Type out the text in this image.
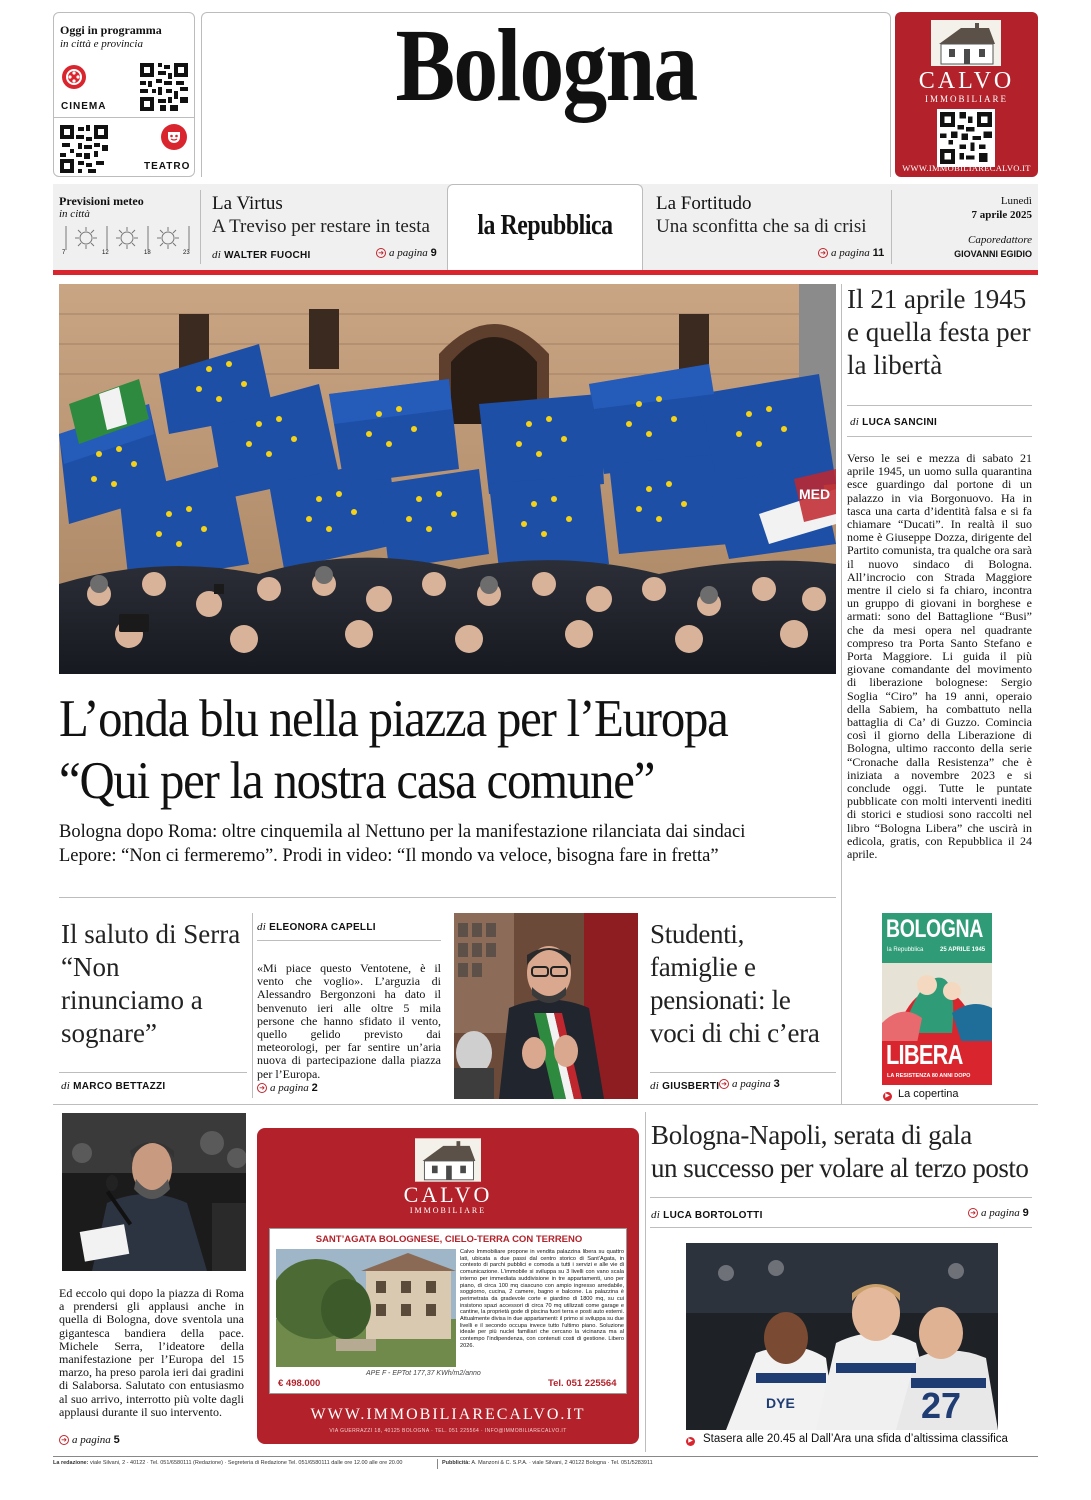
Oggi in programma
in città e provincia
CINEMA
TEATRO
Bologna	CALVO
IMMOBILIARE
WWW.IMMOBILIARECALVO.IT
Previsioni meteo
in città
7	12	18	23
La Virtus
A Treviso per restare in testa
di WALTER FUOCHI	➜ a pagina 9
la Repubblica
La Fortitudo
Una sconfitta che sa di crisi
➜ a pagina 11
Lunedì
7 aprile 2025
Caporedattore
GIOVANNI EGIDIO
MED
L’onda blu nella piazza per l’Europa
“Qui per la nostra casa comune”
Bologna dopo Roma: oltre cinquemila al Nettuno per la manifestazione rilanciata dai sindaci
Lepore: “Non ci fermeremo”. Prodi in video: “Il mondo va veloce, bisogna fare in fretta”
Il 21 aprile 1945 e quella festa per la libertà
di LUCA SANCINI
Verso le sei e mezza di sabato 21 aprile 1945, un uomo sulla quarantina esce guardingo dal portone di un palazzo in via Borgonuovo. Ha in tasca una carta d’identità falsa e si fa chiamare “Ducati”. In realtà il suo nome è Giuseppe Dozza, dirigente del Partito comunista, tra qualche ora sarà il nuovo sindaco di Bologna. All’incrocio con Strada Maggiore mentre il cielo si fa chiaro, incontra un gruppo di giovani in borghese e armati: sono del Battaglione “Busi” che da mesi opera nel quadrante compreso tra Porta Santo Stefano e Porta Maggiore. Li guida il più giovane comandante del movimento di liberazione bolognese: Sergio Soglia “Ciro” ha 19 anni, operaio della Sabiem, ha combattuto nella battaglia di Ca’ di Guzzo. Comincia così il giorno della Liberazione di Bologna, ultimo racconto della serie “Cronache dalla Resistenza” che è iniziata a novembre 2023 e si conclude oggi. Tutte le puntate pubblicate con molti interventi inediti di storici e studiosi sono raccolti nel libro “Bologna Libera” che uscirà in edicola, gratis, con Repubblica il 24 aprile.
BOLOGNA
la Repubblica	25 APRILE 1945
LIBERA
LA RESISTENZA 80 ANNI DOPO
▶ La copertina
Il saluto di Serra “Non rinunciamo a sognare”
di MARCO BETTAZZI
di ELEONORA CAPELLI
«Mi piace questo Ventotene, è il vento che voglio». L’arguzia di Alessandro Bergonzoni ha dato il benvenuto ieri alle oltre 5 mila persone che hanno sfidato il vento, quello gelido previsto dai meteorologi, per far sentire un’aria nuova di partecipazione dalla piazza per l’Europa.
➜ a pagina 2
Studenti, famiglie e pensionati: le voci di chi c’era
di GIUSBERTI ➜ a pagina 3
Ed eccolo qui dopo la piazza di Roma a prendersi gli applausi anche in quella di Bologna, dove sventola una gigantesca bandiera della pace. Michele Serra, l’ideatore della manifestazione per l’Europa del 15 marzo, ha preso parola ieri dai gradini di Salaborsa. Salutato con entusiasmo al suo arrivo, interrotto più volte dagli applausi durante il suo intervento.
➜ a pagina 5
CALVO
IMMOBILIARE
SANT’AGATA BOLOGNESE, CIELO-TERRA CON TERRENO
Calvo Immobiliare propone in vendita palazzina libera su quattro lati, ubicata a due passi dal centro storico di Sant’Agata, in contesto di parchi pubblici e comoda a tutti i servizi e alle vie di comunicazione. L’immobile si sviluppa su 3 livelli con vano scala interno per immediata suddivisione in tre appartamenti, uno per piano, di circa 100 mq ciascuno con ampio ingresso arredabile, soggiorno, cucina, 2 camere, bagno e balcone. La palazzina è perimetrata da gradevole corte e giardino di 1800 mq, su cui insistono spazi accessori di circa 70 mq utilizzati come garage e cantine, la proprietà gode di piscina fuori terra e posti auto esterni. Attualmente divisa in due appartamenti: il primo si sviluppa su due livelli e il secondo occupa invece tutto l’ultimo piano. Soluzione ideale per più nuclei familiari che cercano la vicinanza ma al contempo l’indipendenza, con contenuti costi di gestione. Libero 2026.
€ 498.000
APE F - EPTot 177,37 KWh/m2/anno
Tel. 051 225564
WWW.IMMOBILIARECALVO.IT
VIA GUERRAZZI 18, 40125 BOLOGNA · TEL. 051 225564 · INFO@IMMOBILIARECALVO.IT
Bologna-Napoli, serata di gala
un successo per volare al terzo posto
di LUCA BORTOLOTTI	➜ a pagina 9
27
DYE
▶ Stasera alle 20.45 al Dall’Ara una sfida d’altissima classifica
La redazione: viale Silvani, 2 - 40122 · Tel. 051/6580111 (Redazione) · Segreteria di Redazione Tel. 051/6580111 dalle ore 12.00 alle ore 20.00	Pubblicità: A. Manzoni & C. S.P.A. · viale Silvani, 2 40122 Bologna · Tel. 051/5283911
